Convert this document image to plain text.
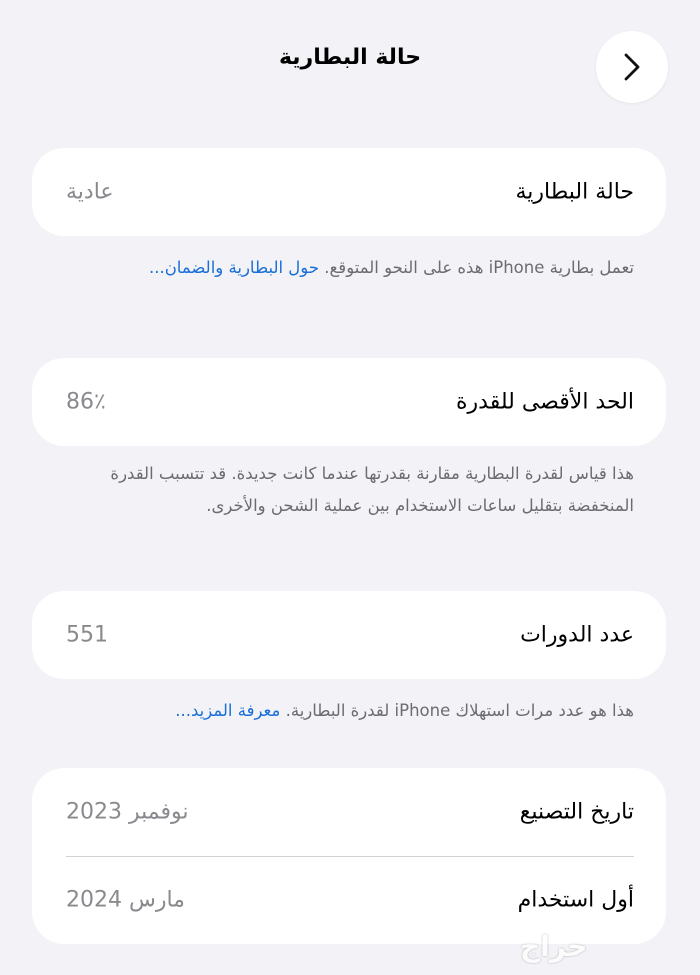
حالة البطارية
حالة البطارية
عادية
تعمل بطارية iPhone هذه على النحو المتوقع. حول البطارية والضمان...
الحد الأقصى للقدرة
86٪
هذا قياس لقدرة البطارية مقارنة بقدرتها عندما كانت جديدة. قد تتسبب القدرة المنخفضة بتقليل ساعات الاستخدام بين عملية الشحن والأخرى.
عدد الدورات
551
هذا هو عدد مرات استهلاك iPhone لقدرة البطارية. معرفة المزيد...
تاريخ التصنيع
نوفمبر 2023
أول استخدام
مارس 2024
حراج
